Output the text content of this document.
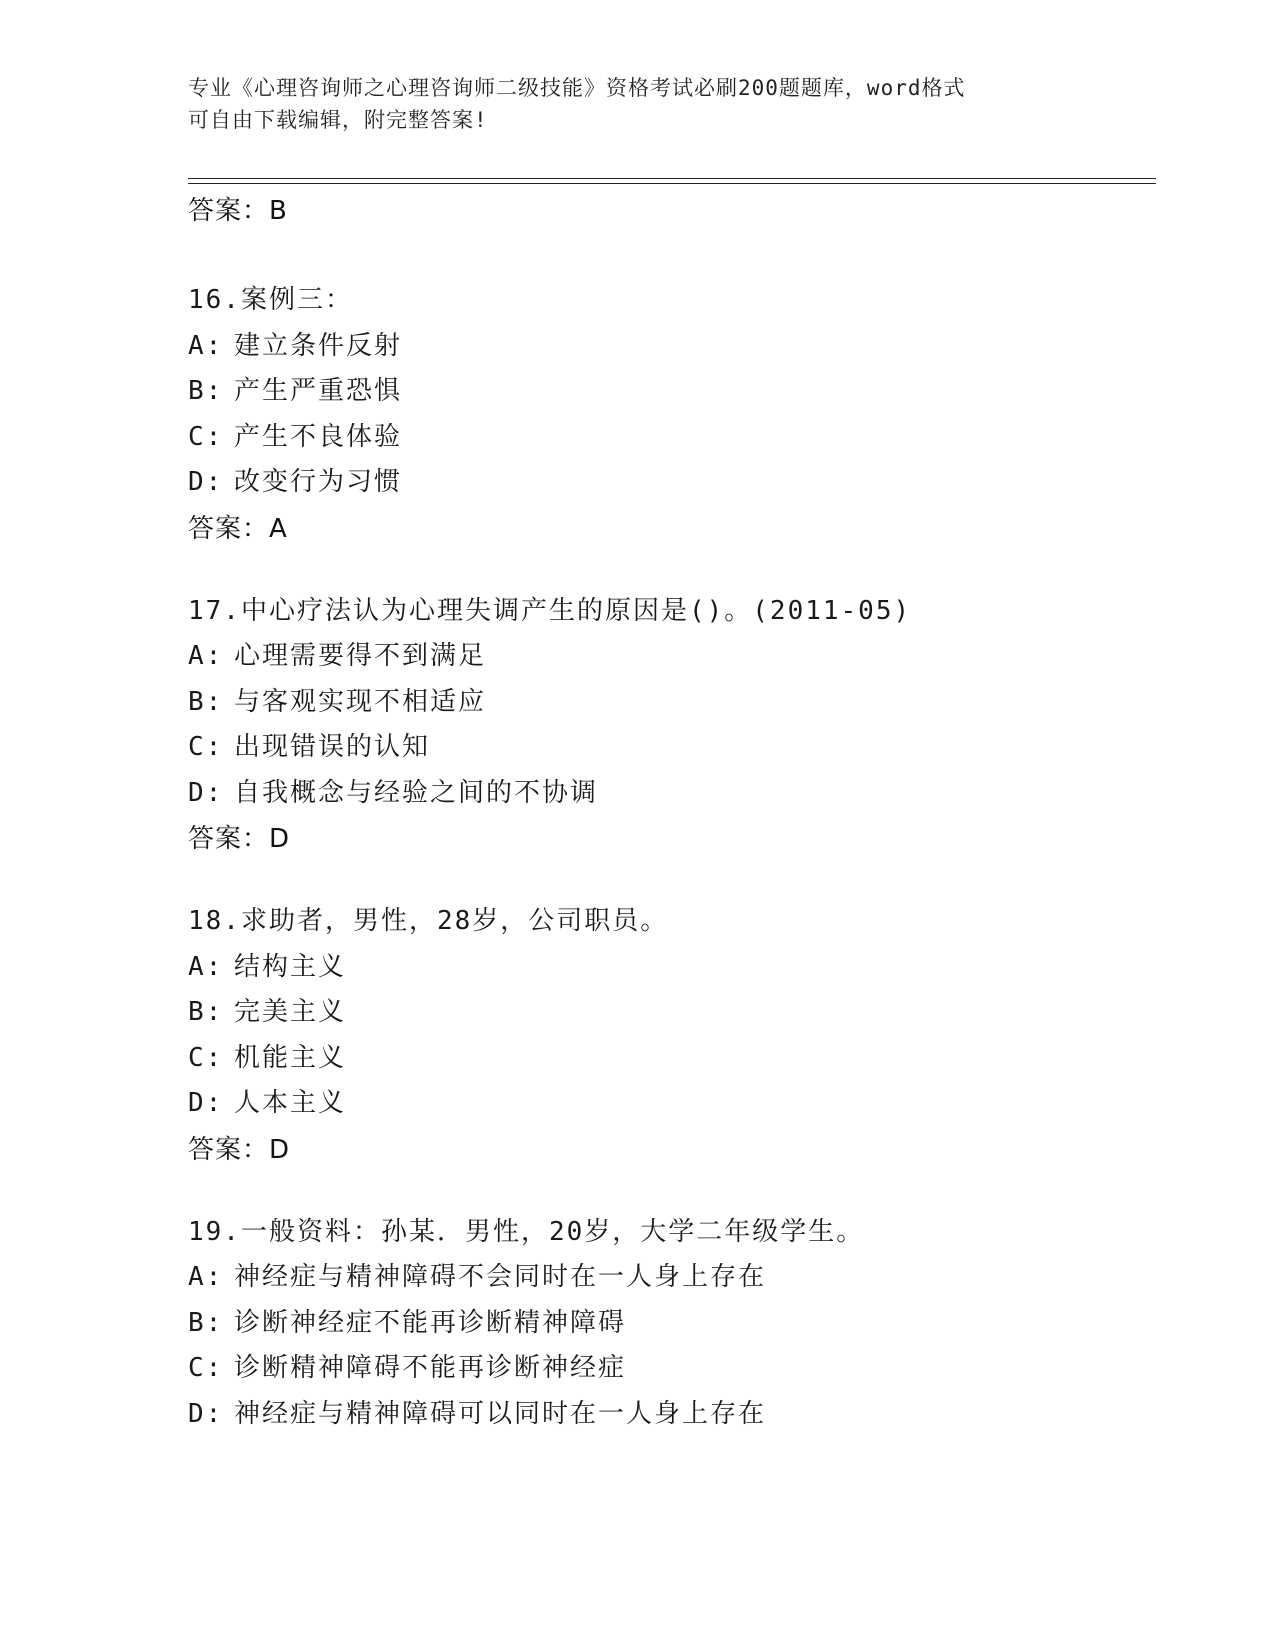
专业《心理咨询师之心理咨询师二级技能》资格考试必刷200题题库，word格式
可自由下载编辑，附完整答案!
答案：B
16.案例三：
A: 建立条件反射
B: 产生严重恐惧
C: 产生不良体验
D: 改变行为习惯
答案：A
17.中心疗法认为心理失调产生的原因是()。(2011-05)
A: 心理需要得不到满足
B: 与客观实现不相适应
C: 出现错误的认知
D: 自我概念与经验之间的不协调
答案：D
18.求助者，男性，28岁，公司职员。
A: 结构主义
B: 完美主义
C: 机能主义
D: 人本主义
答案：D
19.一般资料：孙某．男性，20岁，大学二年级学生。
A: 神经症与精神障碍不会同时在一人身上存在
B: 诊断神经症不能再诊断精神障碍
C: 诊断精神障碍不能再诊断神经症
D: 神经症与精神障碍可以同时在一人身上存在
